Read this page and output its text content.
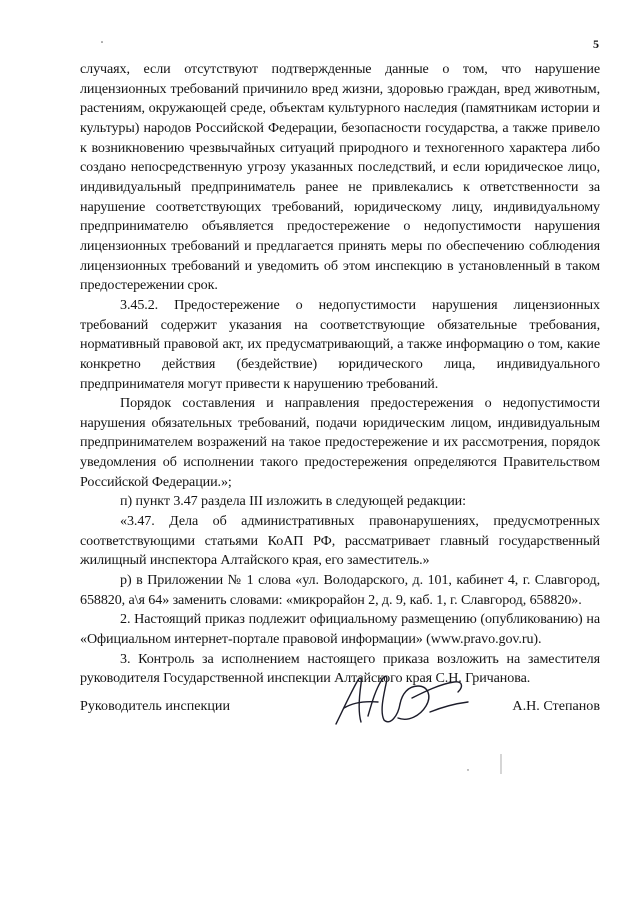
5

случаях, если отсутствуют подтвержденные данные о том, что нарушение лицензионных требований причинило вред жизни, здоровью граждан, вред животным, растениям, окружающей среде, объектам культурного наследия (памятникам истории и культуры) народов Российской Федерации, безопасности государства, а также привело к возникновению чрезвычайных ситуаций природного и техногенного характера либо создано непосредственную угрозу указанных последствий, и если юридическое лицо, индивидуальный предприниматель ранее не привлекались к ответственности за нарушение соответствующих требований, юридическому лицу, индивидуальному предпринимателю объявляется предостережение о недопустимости нарушения лицензионных требований и предлагается принять меры по обеспечению соблюдения лицензионных требований и уведомить об этом инспекцию в установленный в таком предостережении срок.

3.45.2. Предостережение о недопустимости нарушения лицензионных требований содержит указания на соответствующие обязательные требования, нормативный правовой акт, их предусматривающий, а также информацию о том, какие конкретно действия (бездействие) юридического лица, индивидуального предпринимателя могут привести к нарушению требований.

Порядок составления и направления предостережения о недопустимости нарушения обязательных требований, подачи юридическим лицом, индивидуальным предпринимателем возражений на такое предостережение и их рассмотрения, порядок уведомления об исполнении такого предостережения определяются Правительством Российской Федерации.»;

п) пункт 3.47 раздела III изложить в следующей редакции:

«3.47. Дела об административных правонарушениях, предусмотренных соответствующими статьями КоАП РФ, рассматривает главный государственный жилищный инспектора Алтайского края, его заместитель.»

р) в Приложении № 1 слова «ул. Володарского, д. 101, кабинет 4, г. Славгород, 658820, а\я 64» заменить словами: «микрорайон 2, д. 9, каб. 1, г. Славгород, 658820».

2. Настоящий приказ подлежит официальному размещению (опубликованию) на «Официальном интернет-портале правовой информации» (www.pravo.gov.ru).

3. Контроль за исполнением настоящего приказа возложить на заместителя руководителя Государственной инспекции Алтайского края С.Н. Гричанова.

Руководитель инспекции	А.Н. Степанов
